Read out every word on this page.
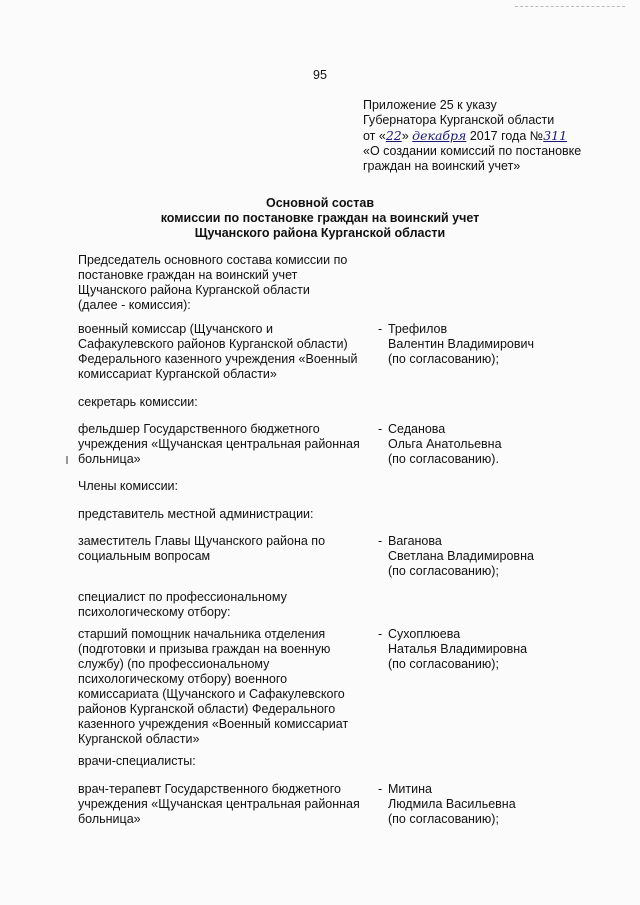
95
Приложение 25 к указу
Губернатора Курганской области
от «22» декабря 2017 года №311
«О создании комиссий по постановке
граждан на воинский учет»
Основной состав
комиссии по постановке граждан на воинский учет
Щучанского района Курганской области
Председатель основного состава комиссии по
постановке граждан на воинский учет
Щучанского района Курганской области
(далее - комиссия):
военный комиссар (Щучанского и
Сафакулевского районов Курганской области)
Федерального казенного учреждения «Военный
комиссариат Курганской области»
- Трефилов
Валентин Владимирович
(по согласованию);
секретарь комиссии:
фельдшер Государственного бюджетного
учреждения «Щучанская центральная районная
больница»
- Седанова
Ольга Анатольевна
(по согласованию).
Члены комиссии:
представитель местной администрации:
заместитель Главы Щучанского района по
социальным вопросам
- Ваганова
Светлана Владимировна
(по согласованию);
специалист по профессиональному
психологическому отбору:
старший помощник начальника отделения
(подготовки и призыва граждан на военную
службу) (по профессиональному
психологическому отбору) военного
комиссариата (Щучанского и Сафакулевского
районов Курганской области) Федерального
казенного учреждения «Военный комиссариат
Курганской области»
- Сухоплюева
Наталья Владимировна
(по согласованию);
врачи-специалисты:
врач-терапевт Государственного бюджетного
учреждения «Щучанская центральная районная
больница»
- Митина
Людмила Васильевна
(по согласованию);
